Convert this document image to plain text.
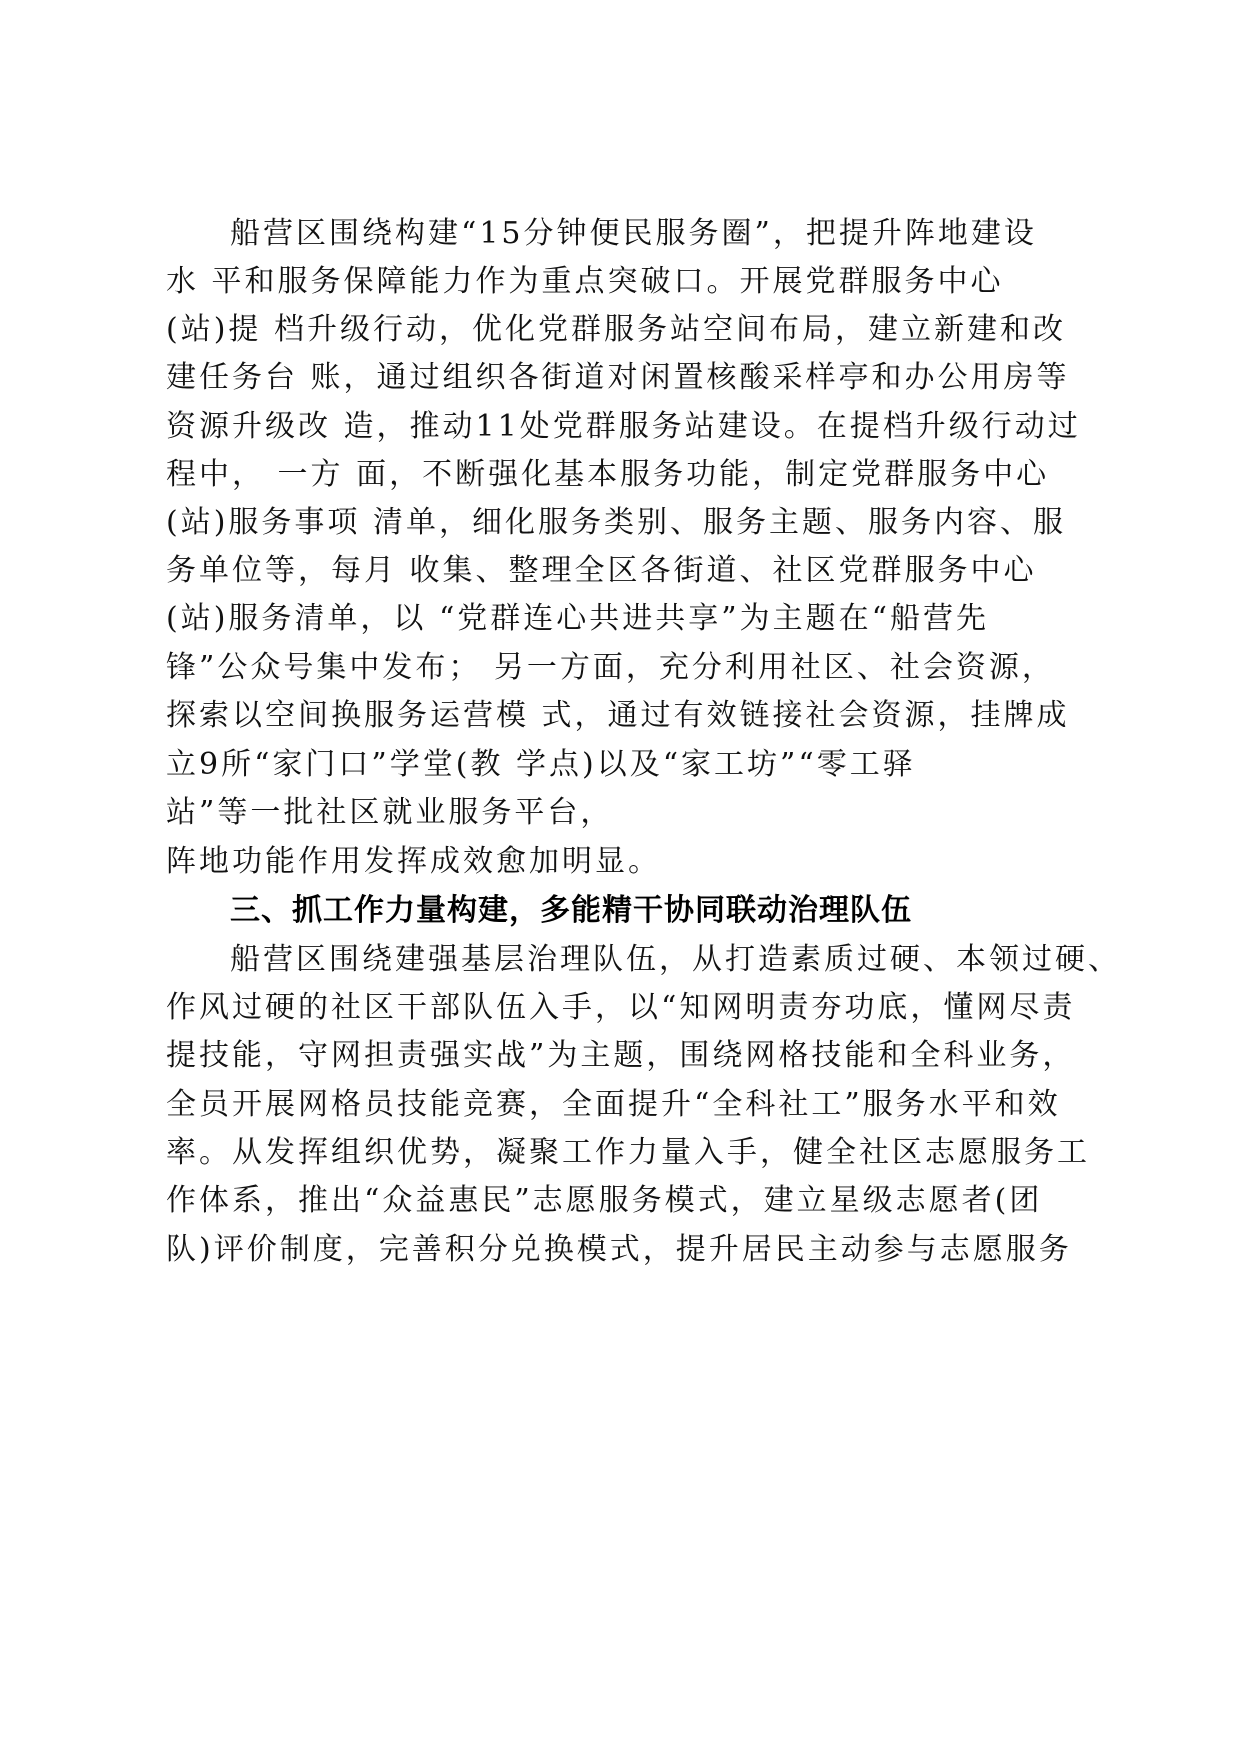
船营区围绕构建“15分钟便民服务圈”，把提升阵地建设
水 平和服务保障能力作为重点突破口。开展党群服务中心
(站)提 档升级行动，优化党群服务站空间布局，建立新建和改
建任务台 账，通过组织各街道对闲置核酸采样亭和办公用房等
资源升级改 造，推动11处党群服务站建设。在提档升级行动过
程中， 一方 面，不断强化基本服务功能，制定党群服务中心
(站)服务事项 清单，细化服务类别、服务主题、服务内容、服
务单位等，每月 收集、整理全区各街道、社区党群服务中心
(站)服务清单，以 “党群连心共进共享”为主题在“船营先
锋”公众号集中发布； 另一方面，充分利用社区、社会资源，
探索以空间换服务运营模 式，通过有效链接社会资源，挂牌成
立9所“家门口”学堂(教 学点)以及“家工坊”“零工驿
站”等一批社区就业服务平台，
阵地功能作用发挥成效愈加明显。
三、抓工作力量构建，多能精干协同联动治理队伍
船营区围绕建强基层治理队伍，从打造素质过硬、本领过硬、
作风过硬的社区干部队伍入手，以“知网明责夯功底，懂网尽责
提技能，守网担责强实战”为主题，围绕网格技能和全科业务，
全员开展网格员技能竞赛，全面提升“全科社工”服务水平和效
率。从发挥组织优势，凝聚工作力量入手，健全社区志愿服务工
作体系，推出“众益惠民”志愿服务模式，建立星级志愿者(团
队)评价制度，完善积分兑换模式，提升居民主动参与志愿服务
